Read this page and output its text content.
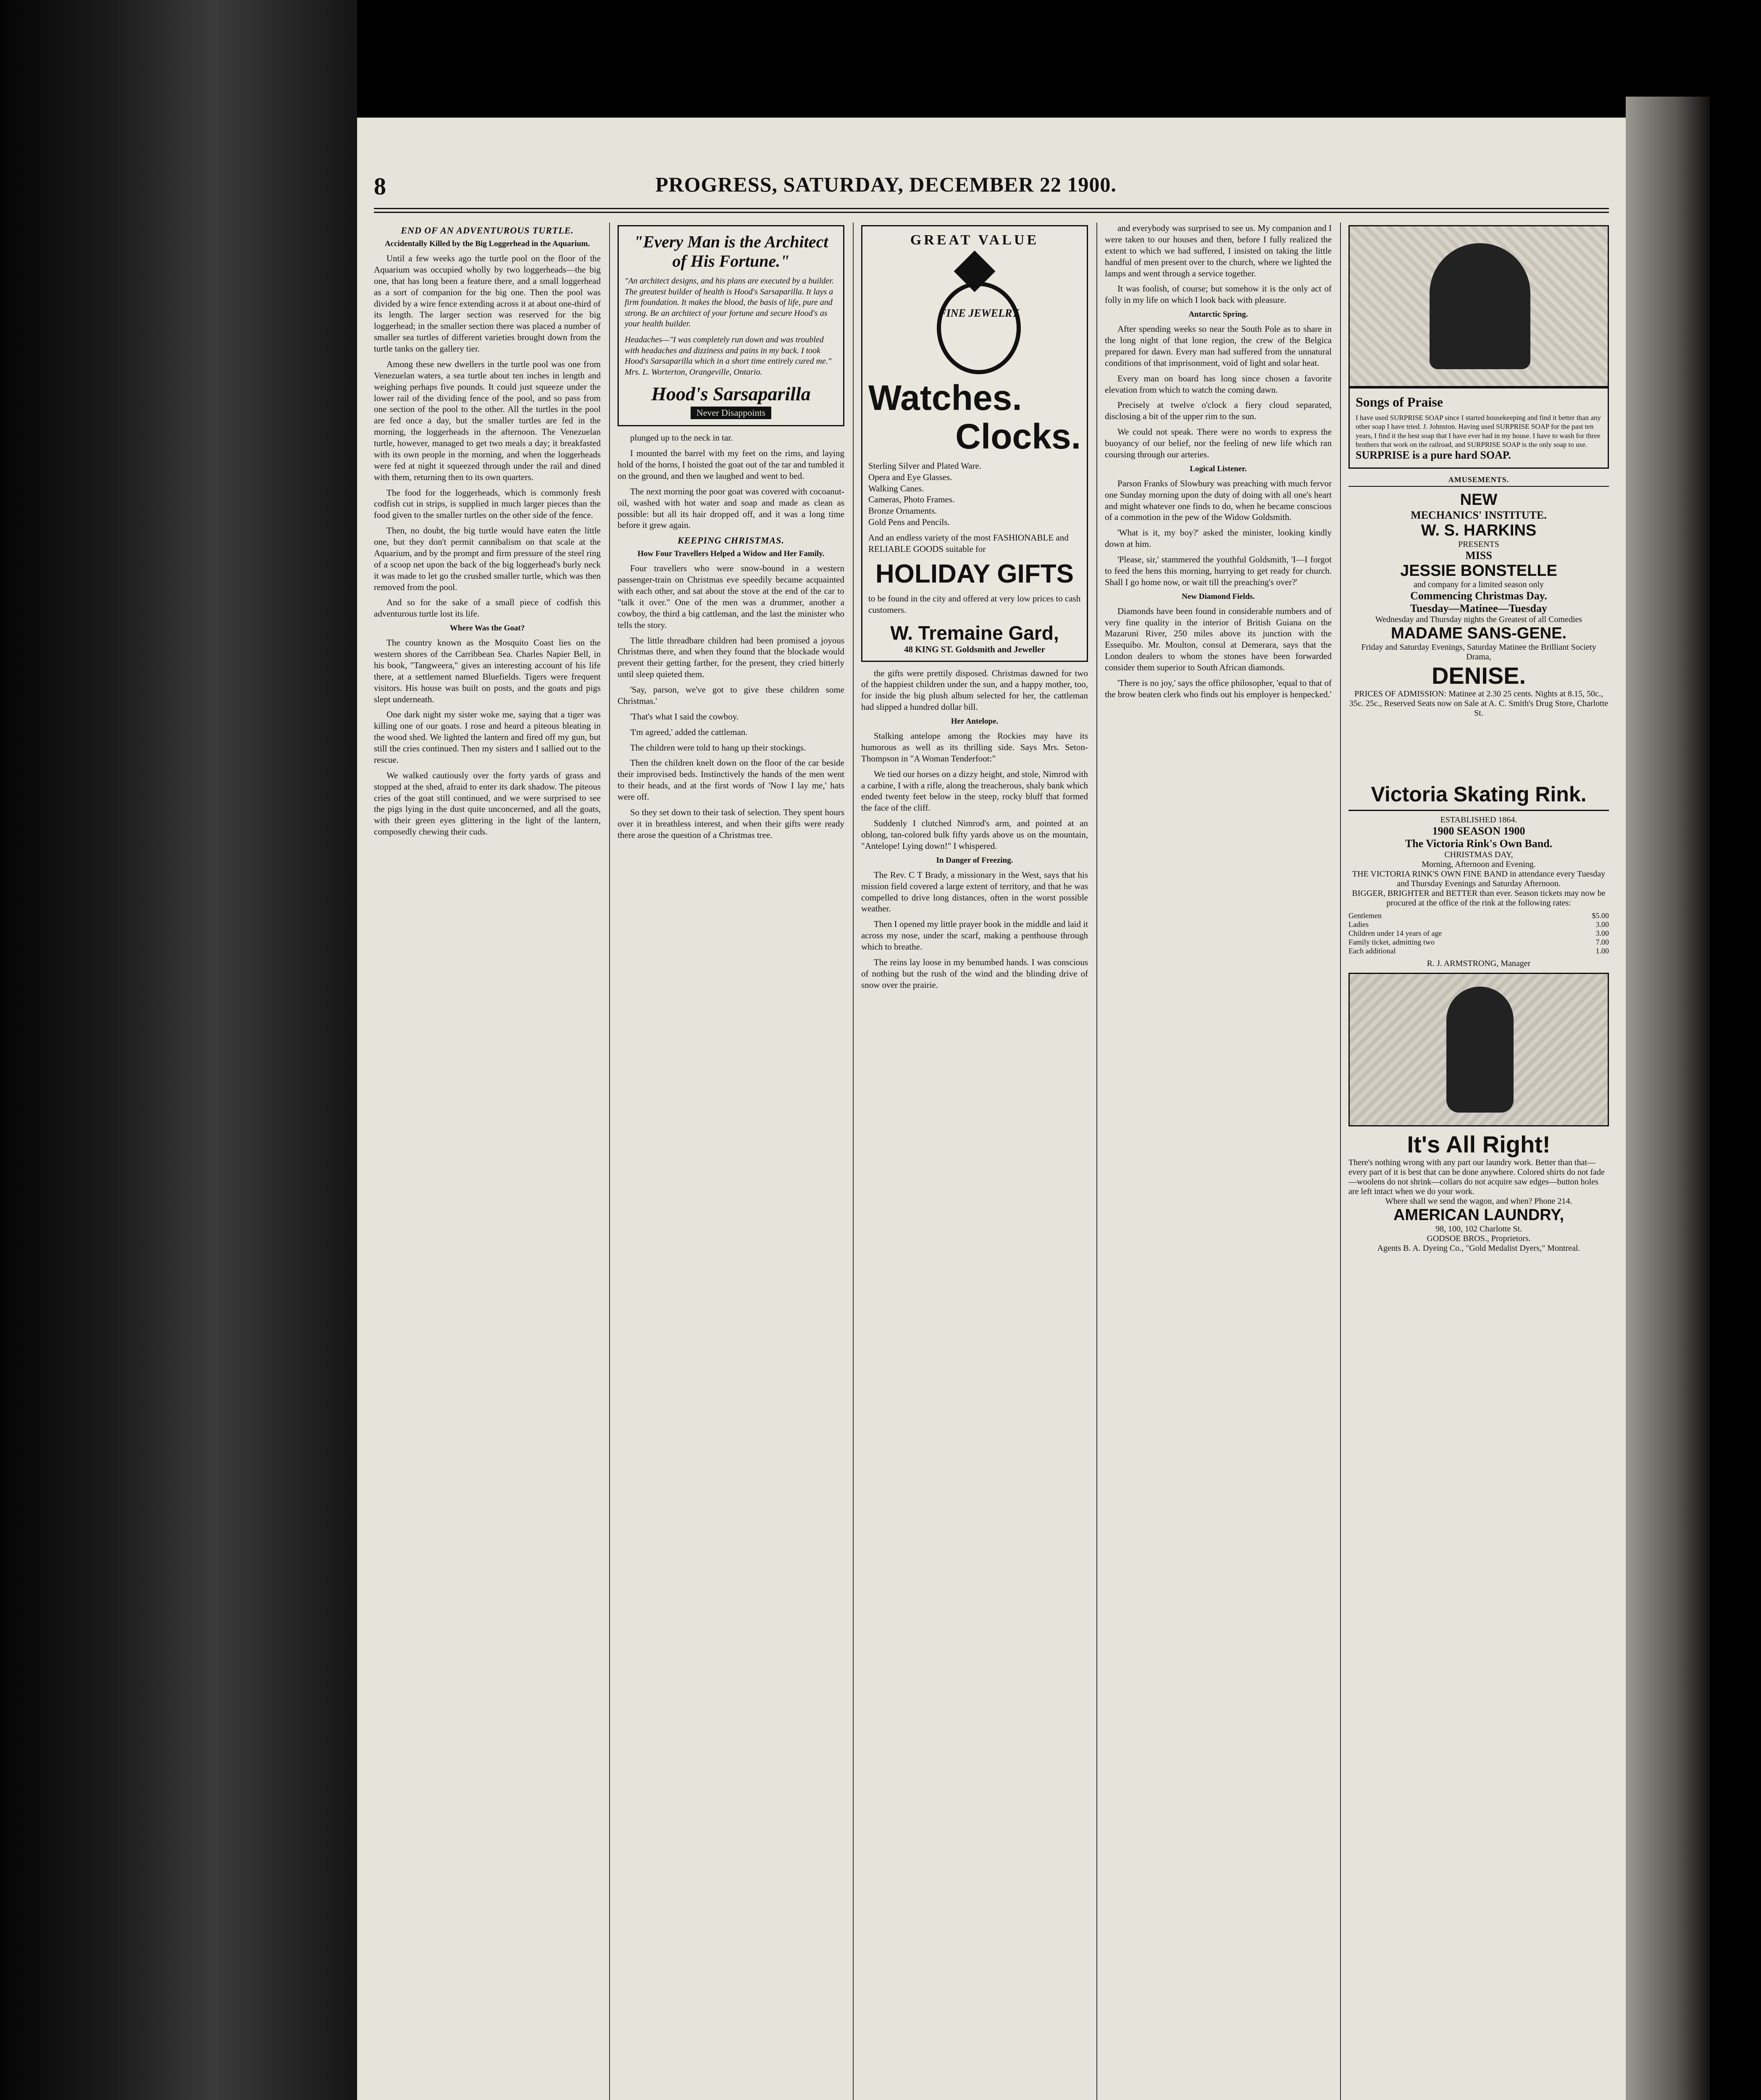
8	PROGRESS, SATURDAY, DECEMBER 22 1900.
END OF AN ADVENTUROUS TURTLE.
Accidentally Killed by the Big Loggerhead in the Aquarium.

Until a few weeks ago the turtle pool on the floor of the Aquarium was occupied wholly by two loggerheads—the big one, that has long been a feature there, and a small loggerhead as a sort of companion for the big one. Then the pool was divided by a wire fence extending across it at about one-third of its length. The larger section was reserved for the big loggerhead; in the smaller section there was placed a number of smaller sea turtles of different varieties brought down from the turtle tanks on the gallery tier.

Among these new dwellers in the turtle pool was one from Venezuelan waters, a sea turtle about ten inches in length and weighing perhaps five pounds. It could just squeeze under the lower rail of the dividing fence of the pool, and so pass from one section of the pool to the other. All the turtles in the pool are fed once a day, but the smaller turtles are fed in the morning, the loggerheads in the afternoon. The Venezuelan turtle, however, managed to get two meals a day; it breakfasted with its own people in the morning, and when the loggerheads were fed at night it squeezed through under the rail and dined with them, returning then to its own quarters.

The food for the loggerheads, which is commonly fresh codfish cut in strips, is supplied in much larger pieces than the food given to the smaller turtles on the other side of the fence.

Then, no doubt, the big turtle would have eaten the little one, but they don't permit cannibalism on that scale at the Aquarium, and by the prompt and firm pressure of the steel ring of a scoop net upon the back of the big loggerhead's burly neck it was made to let go the crushed smaller turtle, which was then removed from the pool.

And so for the sake of a small piece of codfish this adventurous turtle lost its life.

Where Was the Goat?

The country known as the Mosquito Coast lies on the western shores of the Carribbean Sea. Charles Napier Bell, in his book, "Tangweera," gives an interesting account of his life there, at a settlement named Bluefields. Tigers were frequent visitors. His house was built on posts, and the goats and pigs slept underneath.

One dark night my sister woke me, saying that a tiger was killing one of our goats. I rose and heard a piteous bleating in the wood shed. We lighted the lantern and fired off my gun, but still the cries continued. Then my sisters and I sallied out to the rescue.

We walked cautiously over the forty yards of grass and stopped at the shed, afraid to enter its dark shadow. The piteous cries of the goat still continued, and we were surprised to see the pigs lying in the dust quite unconcerned, and all the goats, with their green eyes glittering in the light of the lantern, composedly chewing their cuds.

"Every Man is the Architect of His Fortune."
"An architect designs, and his plans are executed by a builder. The greatest builder of health is Hood's Sarsaparilla. It lays a firm foundation. It makes the blood, the basis of life, pure and strong. Be an architect of your fortune and secure Hood's as your health builder.
Headaches—"I was completely run down and was troubled with headaches and dizziness and pains in my back. I took Hood's Sarsaparilla which in a short time entirely cured me." Mrs. L. Worterton, Orangeville, Ontario.
Hood's Sarsaparilla
Never Disappoints

plunged up to the neck in tar.

I mounted the barrel with my feet on the rims, and laying hold of the horns, I hoisted the goat out of the tar and tumbled it on the ground, and then we laughed and went to bed.

The next morning the poor goat was covered with cocoanut-oil, washed with hot water and soap and made as clean as possible: but all its hair dropped off, and it was a long time before it grew again.

KEEPING CHRISTMAS.
How Four Travellers Helped a Widow and Her Family.

Four travellers who were snow-bound in a western passenger-train on Christmas eve speedily became acquainted with each other, and sat about the stove at the end of the car to "talk it over." One of the men was a drummer, another a cowboy, the third a big cattleman, and the last the minister who tells the story.

The little threadbare children had been promised a joyous Christmas there, and when they found that the blockade would prevent their getting farther, for the present, they cried bitterly until sleep quieted them.

'Say, parson, we've got to give these children some Christmas.'

'That's what I said the cowboy.

'I'm agreed,' added the cattleman.

The children were told to hang up their stockings.

Then the children knelt down on the floor of the car beside their improvised beds. Instinctively the hands of the men went to their heads, and at the first words of 'Now I lay me,' hats were off.

So they set down to their task of selection. They spent hours over it in breathless interest, and when their gifts were ready there arose the question of a Christmas tree.

GREAT VALUE
FINE JEWELRY
Watches.
Clocks.
Sterling Silver and Plated Ware.
Opera and Eye Glasses.
Walking Canes.
Cameras, Photo Frames.
Bronze Ornaments.
Gold Pens and Pencils.
And an endless variety of the most FASHIONABLE and RELIABLE GOODS suitable for
HOLIDAY GIFTS
to be found in the city and offered at very low prices to cash customers.
W. Tremaine Gard,
48 KING ST. Goldsmith and Jeweller

the gifts were prettily disposed. Christmas dawned for two of the happiest children under the sun, and a happy mother, too, for inside the big plush album selected for her, the cattleman had slipped a hundred dollar bill.

Her Antelope.

Stalking antelope among the Rockies may have its humorous as well as its thrilling side. Says Mrs. Seton-Thompson in "A Woman Tenderfoot:"

We tied our horses on a dizzy height, and stole, Nimrod with a carbine, I with a rifle, along the treacherous, shaly bank which ended twenty feet below in the steep, rocky bluff that formed the face of the cliff.

Suddenly I clutched Nimrod's arm, and pointed at an oblong, tan-colored bulk fifty yards above us on the mountain, "Antelope! Lying down!" I whispered.

In Danger of Freezing.

The Rev. C T Brady, a missionary in the West, says that his mission field covered a large extent of territory, and that he was compelled to drive long distances, often in the worst possible weather.

Then I opened my little prayer book in the middle and laid it across my nose, under the scarf, making a penthouse through which to breathe.

The reins lay loose in my benumbed hands. I was conscious of nothing but the rush of the wind and the blinding drive of snow over the prairie.

and everybody was surprised to see us. My companion and I were taken to our houses and then, before I fully realized the extent to which we had suffered, I insisted on taking the little handful of men present over to the church, where we lighted the lamps and went through a service together.

It was foolish, of course; but somehow it is the only act of folly in my life on which I look back with pleasure.

Antarctic Spring.

After spending weeks so near the South Pole as to share in the long night of that lone region, the crew of the Belgica prepared for dawn. Every man had suffered from the unnatural conditions of that imprisonment, void of light and solar heat.

Every man on board has long since chosen a favorite elevation from which to watch the coming dawn.

Precisely at twelve o'clock a fiery cloud separated, disclosing a bit of the upper rim to the sun.

We could not speak. There were no words to express the buoyancy of our belief, nor the feeling of new life which ran coursing through our arteries.

Logical Listener.

Parson Franks of Slowbury was preaching with much fervor one Sunday morning upon the duty of doing with all one's heart and might whatever one finds to do, when he became conscious of a commotion in the pew of the Widow Goldsmith.

'What is it, my boy?' asked the minister, looking kindly down at him.

'Please, sir,' stammered the youthful Goldsmith, 'I—I forgot to feed the hens this morning, hurrying to get ready for church. Shall I go home now, or wait till the preaching's over?'

New Diamond Fields.

Diamonds have been found in considerable numbers and of very fine quality in the interior of British Guiana on the Mazaruni River, 250 miles above its junction with the Essequibo. Mr. Moulton, consul at Demerara, says that the London dealers to whom the stones have been forwarded consider them superior to South African diamonds.

'There is no joy,' says the office philosopher, 'equal to that of the brow beaten clerk who finds out his employer is henpecked.'

Songs of Praise
I have used SURPRISE SOAP since I started housekeeping and find it better than any other soap I have tried. J. Johnston. Having used SURPRISE SOAP for the past ten years, I find it the best soap that I have ever had in my house. I have to wash for three brothers that work on the railroad, and SURPRISE SOAP is the only soap to use.
SURPRISE is a pure hard SOAP.
AMUSEMENTS.
NEW
MECHANICS' INSTITUTE.
W. S. HARKINS
PRESENTS
MISS
JESSIE BONSTELLE
and company for a limited season only
Commencing Christmas Day.
Tuesday—Matinee—Tuesday
Wednesday and Thursday nights the Greatest of all Comedies
MADAME SANS-GENE.
Friday and Saturday Evenings, Saturday Matinee the Brilliant Society Drama,
DENISE.
PRICES OF ADMISSION: Matinee at 2.30 25 cents. Nights at 8.15, 50c., 35c. 25c., Reserved Seats now on Sale at A. C. Smith's Drug Store, Charlotte St.
Victoria Skating Rink.
ESTABLISHED 1864.
1900 SEASON 1900
The Victoria Rink's Own Band.
CHRISTMAS DAY,
Morning, Afternoon and Evening.
THE VICTORIA RINK'S OWN FINE BAND in attendance every Tuesday and Thursday Evenings and Saturday Afternoon.
BIGGER, BRIGHTER and BETTER than ever. Season tickets may now be procured at the office of the rink at the following rates:
Gentlemen	$5.00
Ladies	3.00
Children under 14 years of age	3.00
Family ticket, admitting two	7.00
Each additional	1.00
R. J. ARMSTRONG, Manager
It's All Right!
There's nothing wrong with any part our laundry work. Better than that—every part of it is best that can be done anywhere. Colored shirts do not fade—woolens do not shrink—collars do not acquire saw edges—button holes are left intact when we do your work.
Where shall we send the wagon, and when? Phone 214.
AMERICAN LAUNDRY,
98, 100, 102 Charlotte St.
GODSOE BROS., Proprietors.
Agents B. A. Dyeing Co., "Gold Medalist Dyers," Montreal.
